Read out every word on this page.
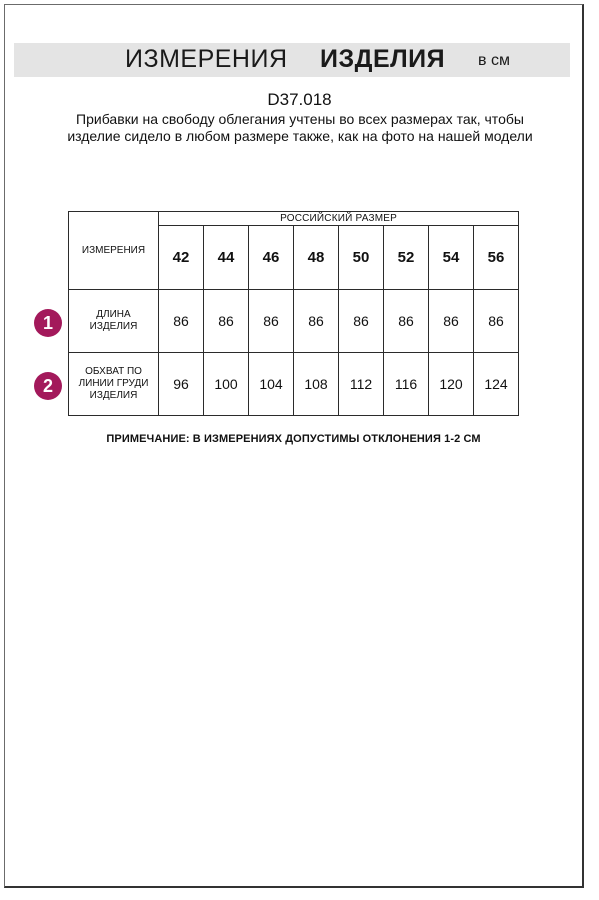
ИЗМЕРЕНИЯ ИЗДЕЛИЯ в см
D37.018
Прибавки на свободу облегания учтены во всех размерах так, чтобы изделие сидело в любом размере также, как на фото на нашей модели
ИЗМЕРЕНИЯ	РОССИЙСКИЙ РАЗМЕР							
	42	44	46	48	50	52	54	56

ДЛИНА
ИЗДЕЛИЯ	86	86	86	86	86	86	86	86

ОБХВАТ ПО
ЛИНИИ ГРУДИ
ИЗДЕЛИЯ	96	100	104	108	112	116	120	124
1
2
ПРИМЕЧАНИЕ: В ИЗМЕРЕНИЯХ ДОПУСТИМЫ ОТКЛОНЕНИЯ 1-2 СМ
